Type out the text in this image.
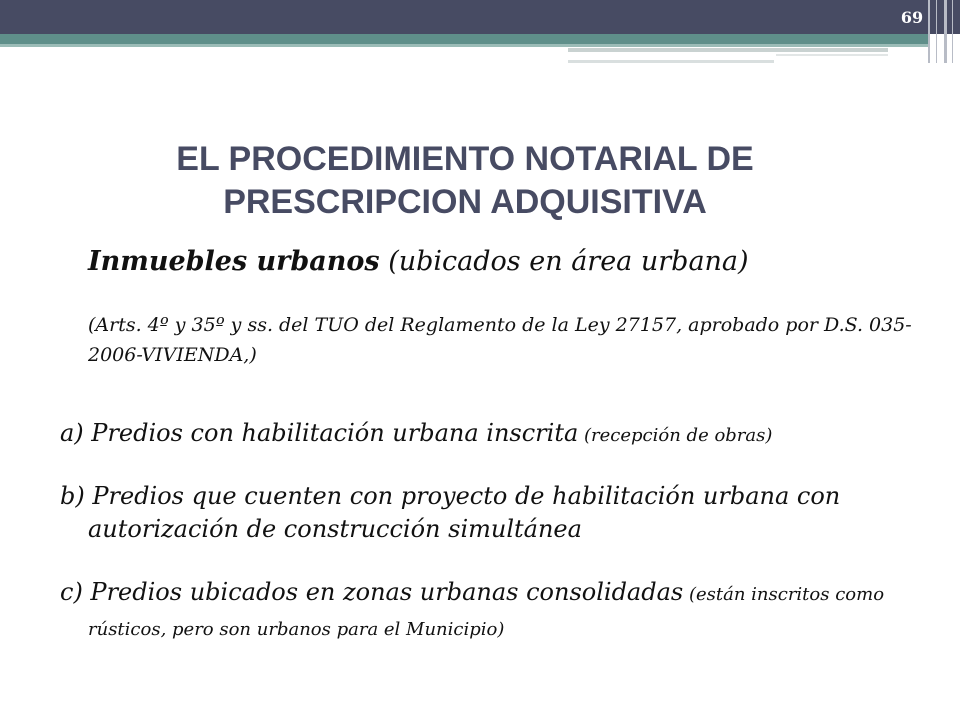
69
EL PROCEDIMIENTO NOTARIAL DE
PRESCRIPCION ADQUISITIVA
Inmuebles urbanos (ubicados en área urbana)
(Arts. 4º y 35º y ss. del TUO del Reglamento de la Ley 27157, aprobado por D.S. 035-2006-VIVIENDA,)
a) Predios con habilitación urbana inscrita (recepción de obras)
b) Predios que cuenten con proyecto de habilitación urbana con autorización de construcción simultánea
c) Predios ubicados en zonas urbanas consolidadas (están inscritos como rústicos, pero son urbanos para el Municipio)
